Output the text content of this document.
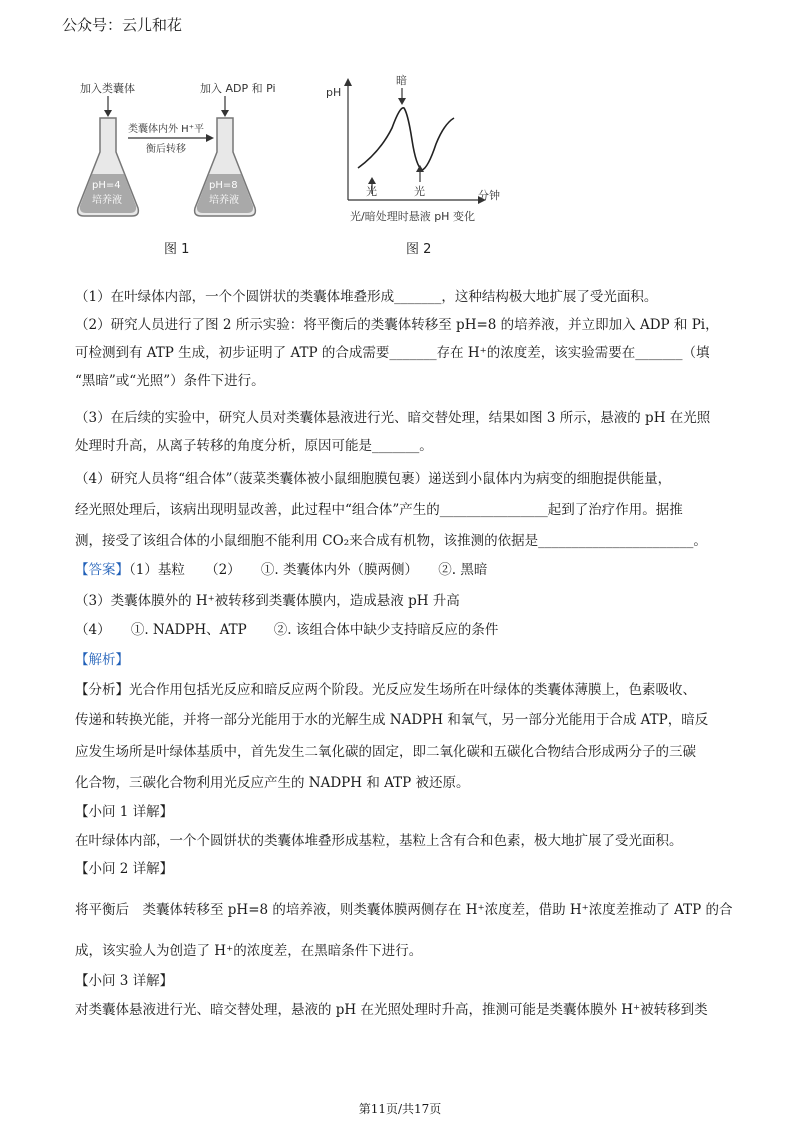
公众号：云儿和花
加入类囊体	加入 ADP 和 Pi
pH=4
培养液
类囊体内外 H⁺平
衡后转移
pH=8
培养液
图 1
pH
分钟
暗
光	光
光/暗处理时悬液 pH 变化
图 2
（1）在叶绿体内部，一个个圆饼状的类囊体堆叠形成_______，这种结构极大地扩展了受光面积。
（2）研究人员进行了图 2 所示实验：将平衡后的类囊体转移至 pH=8 的培养液，并立即加入 ADP 和 Pi，
可检测到有 ATP 生成，初步证明了 ATP 的合成需要_______存在 H⁺的浓度差，该实验需要在_______（填
“黑暗”或“光照”）条件下进行。
（3）在后续的实验中，研究人员对类囊体悬液进行光、暗交替处理，结果如图 3 所示，悬液的 pH 在光照
处理时升高，从离子转移的角度分析，原因可能是_______。
（4）研究人员将“组合体”（菠菜类囊体被小鼠细胞膜包裹）递送到小鼠体内为病变的细胞提供能量，
经光照处理后，该病出现明显改善，此过程中“组合体”产生的________________起到了治疗作用。据推
测，接受了该组合体的小鼠细胞不能利用 CO₂来合成有机物，该推测的依据是_______________________。
【答案】（1）基粒　　（2）　　①. 类囊体内外（膜两侧）　　②. 黑暗
（3）类囊体膜外的 H⁺被转移到类囊体膜内，造成悬液 pH 升高
（4）　　①. NADPH、ATP　　②. 该组合体中缺少支持暗反应的条件
【解析】
【分析】光合作用包括光反应和暗反应两个阶段。光反应发生场所在叶绿体的类囊体薄膜上，色素吸收、
传递和转换光能，并将一部分光能用于水的光解生成 NADPH 和氧气，另一部分光能用于合成 ATP，暗反
应发生场所是叶绿体基质中，首先发生二氧化碳的固定，即二氧化碳和五碳化合物结合形成两分子的三碳
化合物，三碳化合物利用光反应产生的 NADPH 和 ATP 被还原。
【小问 1 详解】
在叶绿体内部，一个个圆饼状的类囊体堆叠形成基粒，基粒上含有合和色素，极大地扩展了受光面积。
【小问 2 详解】
将平衡后　类囊体转移至 pH=8 的培养液，则类囊体膜两侧存在 H⁺浓度差，借助 H⁺浓度差推动了 ATP 的合
成，该实验人为创造了 H⁺的浓度差，在黑暗条件下进行。
【小问 3 详解】
对类囊体悬液进行光、暗交替处理，悬液的 pH 在光照处理时升高，推测可能是类囊体膜外 H⁺被转移到类
第11页/共17页
